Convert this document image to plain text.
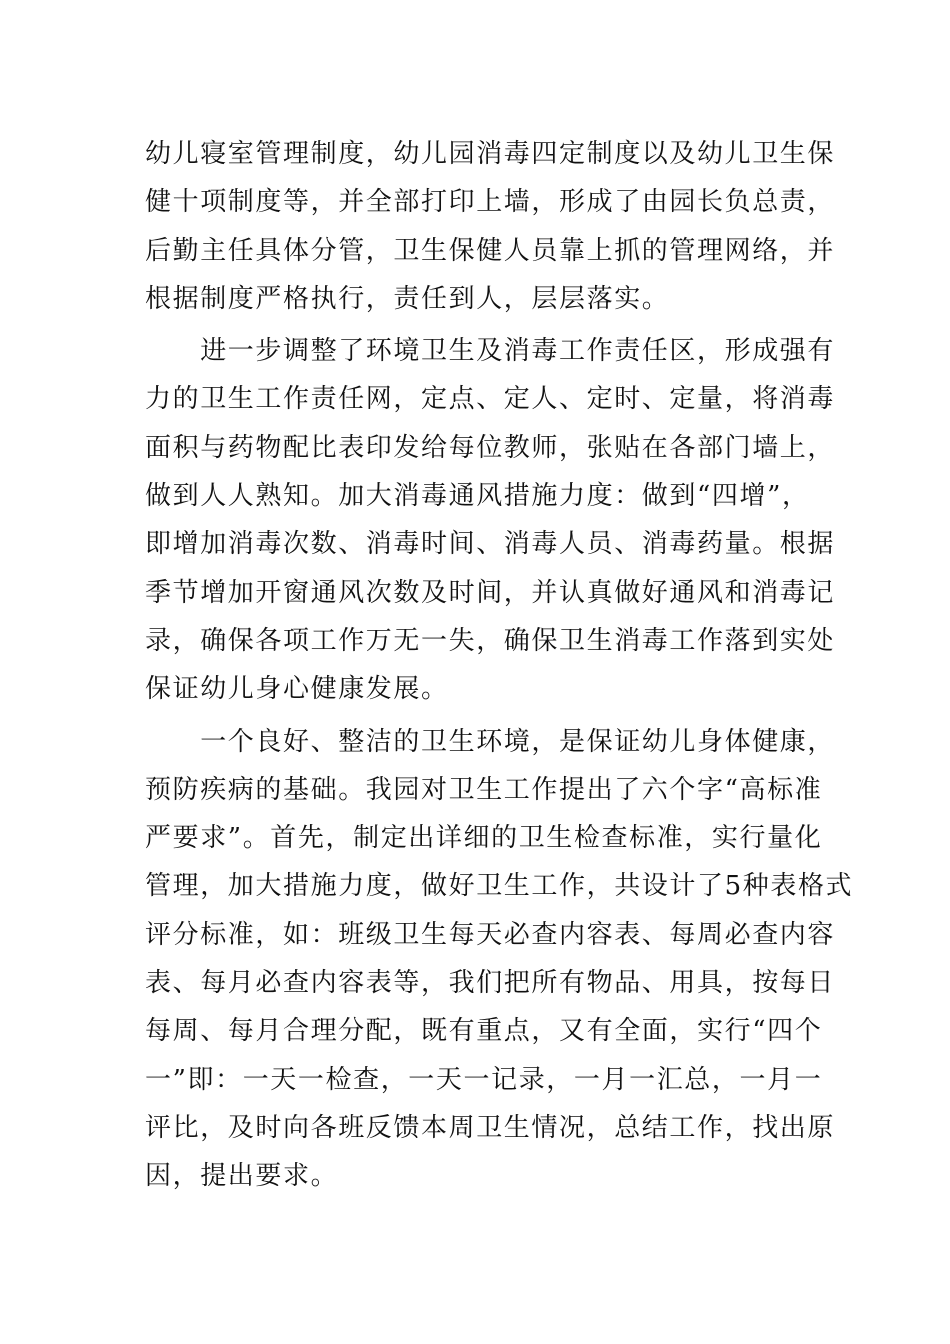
幼儿寝室管理制度，幼儿园消毒四定制度以及幼儿卫生保
健十项制度等，并全部打印上墙，形成了由园长负总责，
后勤主任具体分管，卫生保健人员靠上抓的管理网络，并
根据制度严格执行，责任到人，层层落实。
　　进一步调整了环境卫生及消毒工作责任区，形成强有
力的卫生工作责任网，定点、定人、定时、定量，将消毒
面积与药物配比表印发给每位教师，张贴在各部门墙上，
做到人人熟知。加大消毒通风措施力度：做到“四增”，
即增加消毒次数、消毒时间、消毒人员、消毒药量。根据
季节增加开窗通风次数及时间，并认真做好通风和消毒记
录，确保各项工作万无一失，确保卫生消毒工作落到实处
保证幼儿身心健康发展。
　　一个良好、整洁的卫生环境，是保证幼儿身体健康，
预防疾病的基础。我园对卫生工作提出了六个字“高标准
严要求”。首先，制定出详细的卫生检查标准，实行量化
管理，加大措施力度，做好卫生工作，共设计了5种表格式
评分标准，如：班级卫生每天必查内容表、每周必查内容
表、每月必查内容表等，我们把所有物品、用具，按每日
每周、每月合理分配，既有重点，又有全面，实行“四个
一”即：一天一检查，一天一记录，一月一汇总，一月一
评比，及时向各班反馈本周卫生情况，总结工作，找出原
因，提出要求。
